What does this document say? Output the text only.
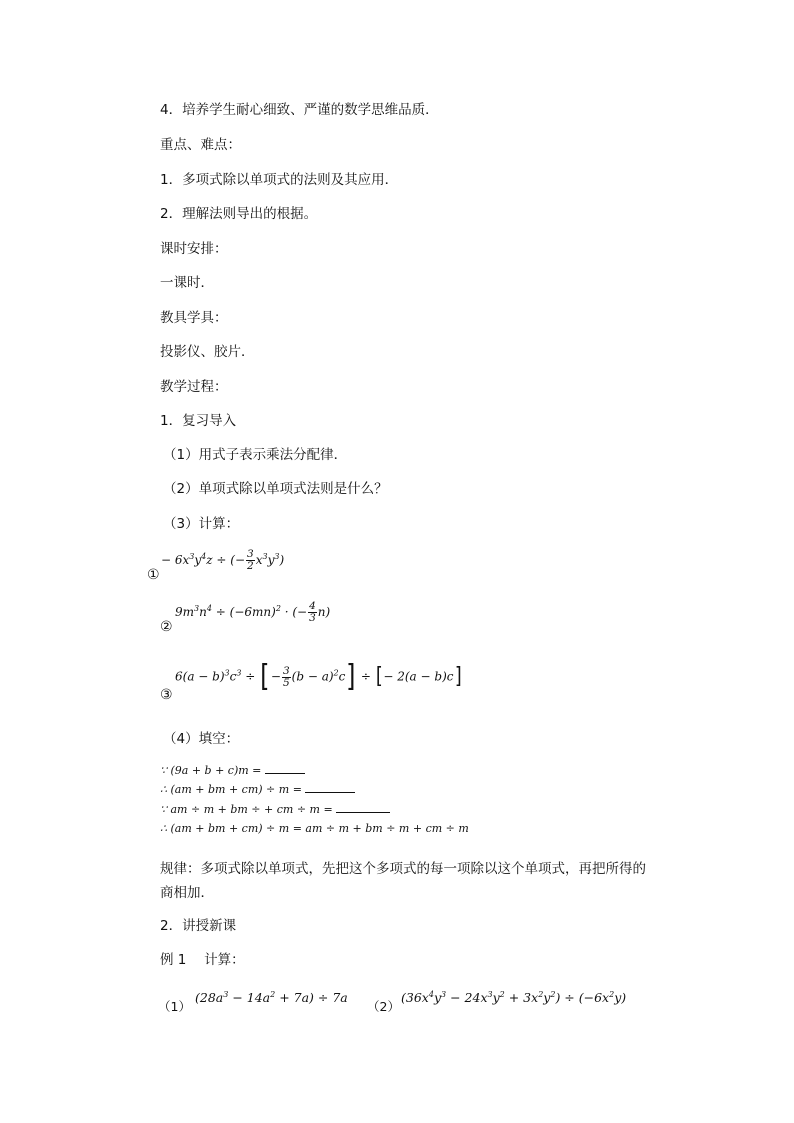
4．培养学生耐心细致、严谨的数学思维品质．
重点、难点：
1．多项式除以单项式的法则及其应用．
2．理解法则导出的根据。
课时安排：
一课时．
教具学具：
投影仪、胶片．
教学过程：
1．复习导入
（1）用式子表示乘法分配律．
（2）单项式除以单项式法则是什么？
（3）计算：
①
− $6x^3y^4z$ ÷ (− $\frac{3}{2} x^3y^3$)
②
$9m^3n^4 \div (-6mn)^2$ · (− $\frac{4}{3} n$)
③
$6(a - b)^3c^3$ ÷ [− $\frac{3}{5} (b - a)^2c$] ÷ [− 2(a − b)c]
（4）填空：
∵ (9a + b + c)m =
∴ (am + bm + cm) ÷ m =
∵ am ÷ m + bm ÷ + cm ÷ m =
∴ (am + bm + cm) ÷ m = am ÷ m + bm ÷ m + cm ÷ m
规律：多项式除以单项式，先把这个多项式的每一项除以这个单项式，再把所得的
商相加．
2．讲授新课
例 1　 计算：
（1）
$(28a^3 - 14a^2 + 7a) \div 7a$
（2）
$(36x^4y^3 - 24x^3y^2 + 3x^2y^2) \div (-6x^2y)$
